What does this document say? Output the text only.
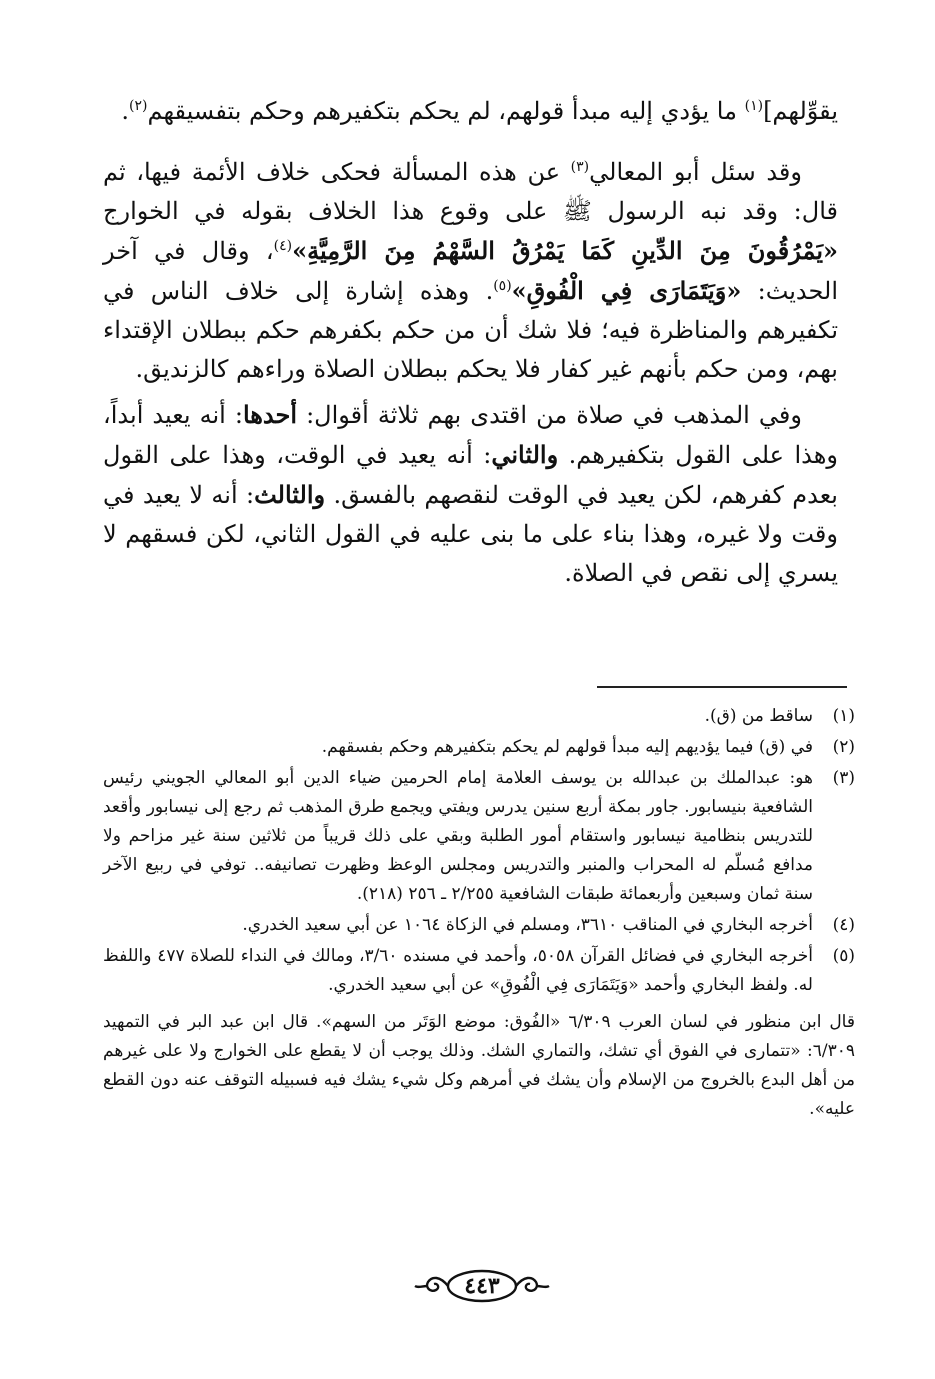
يقوِّلهم]$^{(١)}$ ما يؤدي إليه مبدأ قولهم، لم يحكم بتكفيرهم وحكم بتفسيقهم$^{(٢)}$.

وقد سئل أبو المعالي$^{(٣)}$ عن هذه المسألة فحكى خلاف الأئمة فيها، ثم قال: وقد نبه الرسول ﷺ على وقوع هذا الخلاف بقوله في الخوارج «يَمْرُقُونَ مِنَ الدِّينِ كَمَا يَمْرُقُ السَّهْمُ مِنَ الرَّمِيَّةِ»$^{(٤)}$، وقال في آخر الحديث: «وَيَتَمَارَى فِي الْفُوقِ»$^{(٥)}$. وهذه إشارة إلى خلاف الناس في تكفيرهم والمناظرة فيه؛ فلا شك أن من حكم بكفرهم حكم ببطلان الإقتداء بهم، ومن حكم بأنهم غير كفار فلا يحكم ببطلان الصلاة وراءهم كالزنديق.

وفي المذهب في صلاة من اقتدى بهم ثلاثة أقوال: أحدها: أنه يعيد أبداً، وهذا على القول بتكفيرهم. والثاني: أنه يعيد في الوقت، وهذا على القول بعدم كفرهم، لكن يعيد في الوقت لنقصهم بالفسق. والثالث: أنه لا يعيد في وقت ولا غيره، وهذا بناء على ما بنى عليه في القول الثاني، لكن فسقهم لا يسري إلى نقص في الصلاة.

(١)
ساقط من (ق).
(٢)
في (ق) فيما يؤديهم إليه مبدأ قولهم لم يحكم بتكفيرهم وحكم بفسقهم.
(٣)
هو: عبدالملك بن عبدالله بن يوسف العلامة إمام الحرمين ضياء الدين أبو المعالي الجويني رئيس الشافعية بنيسابور. جاور بمكة أربع سنين يدرس ويفتي ويجمع طرق المذهب ثم رجع إلى نيسابور وأقعد للتدريس بنظامية نيسابور واستقام أمور الطلبة وبقي على ذلك قريباً من ثلاثين سنة غير مزاحم ولا مدافع مُسلّم له المحراب والمنبر والتدريس ومجلس الوعظ وظهرت تصانيفه.. توفي في ربيع الآخر سنة ثمان وسبعين وأربعمائة طبقات الشافعية ٢/٢٥٥ ـ ٢٥٦ (٢١٨).
(٤)
أخرجه البخاري في المناقب ٣٦١٠، ومسلم في الزكاة ١٠٦٤ عن أبي سعيد الخدري.
(٥)
أخرجه البخاري في فضائل القرآن ٥٠٥٨، وأحمد في مسنده ٣/٦٠، ومالك في النداء للصلاة ٤٧٧ واللفظ له. ولفظ البخاري وأحمد «وَيَتَمَارَى فِي الْفُوقِ» عن أبي سعيد الخدري.
قال ابن منظور في لسان العرب ٦/٣٠٩ «الفُوق: موضع الوَتَر من السهم». قال ابن عبد البر في التمهيد ٦/٣٠٩: «تتمارى في الفوق أي تشك، والتماري الشك. وذلك يوجب أن لا يقطع على الخوارج ولا على غيرهم من أهل البدع بالخروج من الإسلام وأن يشك في أمرهم وكل شيء يشك فيه فسبيله التوقف عنه دون القطع عليه».
٤٤٣
